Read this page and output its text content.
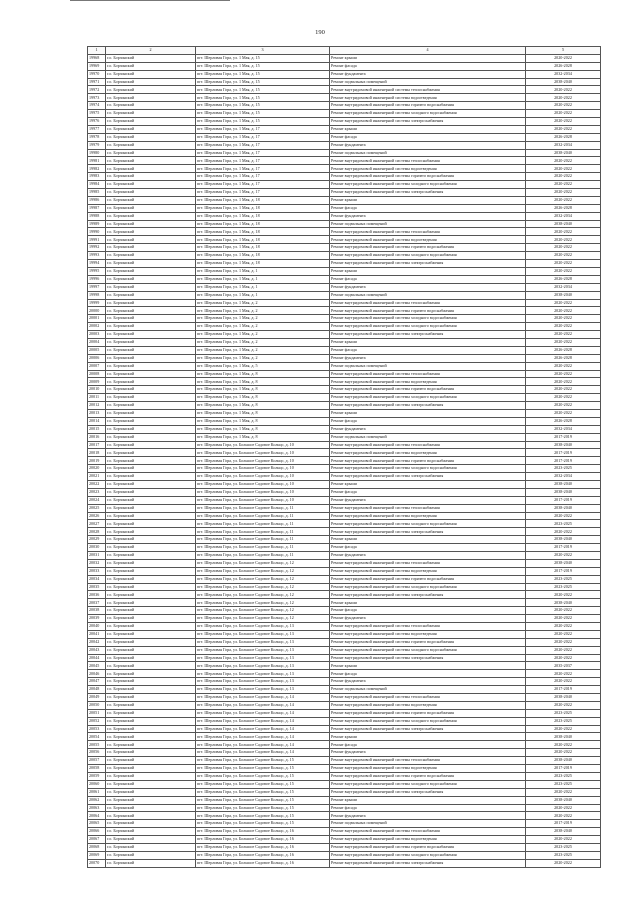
190
1	2	3	4	5
19968	г.о. Борзинский	пгт. Шерловая Гора, ул. 1 Мая, д. 15	Ремонт крыши	2020-2022
19969	г.о. Борзинский	пгт. Шерловая Гора, ул. 1 Мая, д. 15	Ремонт фасада	2026-2028
19970	г.о. Борзинский	пгт. Шерловая Гора, ул. 1 Мая, д. 15	Ремонт фундамента	2032-2034
19971	г.о. Борзинский	пгт. Шерловая Гора, ул. 1 Мая, д. 15	Ремонт подвальных помещений	2038-2040
19972	г.о. Борзинский	пгт. Шерловая Гора, ул. 1 Мая, д. 15	Ремонт внутридомовой инженерной системы теплоснабжения	2020-2022
19973	г.о. Борзинский	пгт. Шерловая Гора, ул. 1 Мая, д. 15	Ремонт внутридомовой инженерной системы водоотведения	2020-2022
19974	г.о. Борзинский	пгт. Шерловая Гора, ул. 1 Мая, д. 15	Ремонт внутридомовой инженерной системы горячего водоснабжения	2020-2022
19975	г.о. Борзинский	пгт. Шерловая Гора, ул. 1 Мая, д. 15	Ремонт внутридомовой инженерной системы холодного водоснабжения	2020-2022
19976	г.о. Борзинский	пгт. Шерловая Гора, ул. 1 Мая, д. 15	Ремонт внутридомовой инженерной системы электроснабжения	2020-2022
19977	г.о. Борзинский	пгт. Шерловая Гора, ул. 1 Мая, д. 17	Ремонт крыши	2020-2022
19978	г.о. Борзинский	пгт. Шерловая Гора, ул. 1 Мая, д. 17	Ремонт фасада	2026-2028
19979	г.о. Борзинский	пгт. Шерловая Гора, ул. 1 Мая, д. 17	Ремонт фундамента	2032-2034
19980	г.о. Борзинский	пгт. Шерловая Гора, ул. 1 Мая, д. 17	Ремонт подвальных помещений	2038-2040
19981	г.о. Борзинский	пгт. Шерловая Гора, ул. 1 Мая, д. 17	Ремонт внутридомовой инженерной системы теплоснабжения	2020-2022
19982	г.о. Борзинский	пгт. Шерловая Гора, ул. 1 Мая, д. 17	Ремонт внутридомовой инженерной системы водоотведения	2020-2022
19983	г.о. Борзинский	пгт. Шерловая Гора, ул. 1 Мая, д. 17	Ремонт внутридомовой инженерной системы горячего водоснабжения	2020-2022
19984	г.о. Борзинский	пгт. Шерловая Гора, ул. 1 Мая, д. 17	Ремонт внутридомовой инженерной системы холодного водоснабжения	2020-2022
19985	г.о. Борзинский	пгт. Шерловая Гора, ул. 1 Мая, д. 17	Ремонт внутридомовой инженерной системы электроснабжения	2020-2022
19986	г.о. Борзинский	пгт. Шерловая Гора, ул. 1 Мая, д. 18	Ремонт крыши	2020-2022
19987	г.о. Борзинский	пгт. Шерловая Гора, ул. 1 Мая, д. 18	Ремонт фасада	2026-2028
19988	г.о. Борзинский	пгт. Шерловая Гора, ул. 1 Мая, д. 18	Ремонт фундамента	2032-2034
19989	г.о. Борзинский	пгт. Шерловая Гора, ул. 1 Мая, д. 18	Ремонт подвальных помещений	2038-2040
19990	г.о. Борзинский	пгт. Шерловая Гора, ул. 1 Мая, д. 18	Ремонт внутридомовой инженерной системы теплоснабжения	2020-2022
19991	г.о. Борзинский	пгт. Шерловая Гора, ул. 1 Мая, д. 18	Ремонт внутридомовой инженерной системы водоотведения	2020-2022
19992	г.о. Борзинский	пгт. Шерловая Гора, ул. 1 Мая, д. 18	Ремонт внутридомовой инженерной системы горячего водоснабжения	2020-2022
19993	г.о. Борзинский	пгт. Шерловая Гора, ул. 1 Мая, д. 18	Ремонт внутридомовой инженерной системы холодного водоснабжения	2020-2022
19994	г.о. Борзинский	пгт. Шерловая Гора, ул. 1 Мая, д. 18	Ремонт внутридомовой инженерной системы электроснабжения	2020-2022
19995	г.о. Борзинский	пгт. Шерловая Гора, ул. 1 Мая, д. 1	Ремонт крыши	2020-2022
19996	г.о. Борзинский	пгт. Шерловая Гора, ул. 1 Мая, д. 1	Ремонт фасада	2026-2028
19997	г.о. Борзинский	пгт. Шерловая Гора, ул. 1 Мая, д. 1	Ремонт фундамента	2032-2034
19998	г.о. Борзинский	пгт. Шерловая Гора, ул. 1 Мая, д. 1	Ремонт подвальных помещений	2038-2040
19999	г.о. Борзинский	пгт. Шерловая Гора, ул. 1 Мая, д. 2	Ремонт внутридомовой инженерной системы теплоснабжения	2020-2022
20000	г.о. Борзинский	пгт. Шерловая Гора, ул. 1 Мая, д. 2	Ремонт внутридомовой инженерной системы горячего водоснабжения	2020-2022
20001	г.о. Борзинский	пгт. Шерловая Гора, ул. 1 Мая, д. 2	Ремонт внутридомовой инженерной системы холодного водоснабжения	2020-2022
20002	г.о. Борзинский	пгт. Шерловая Гора, ул. 1 Мая, д. 2	Ремонт внутридомовой инженерной системы холодного водоснабжения	2020-2022
20003	г.о. Борзинский	пгт. Шерловая Гора, ул. 1 Мая, д. 2	Ремонт внутридомовой инженерной системы электроснабжения	2020-2022
20004	г.о. Борзинский	пгт. Шерловая Гора, ул. 1 Мая, д. 2	Ремонт крыши	2020-2022
20005	г.о. Борзинский	пгт. Шерловая Гора, ул. 1 Мая, д. 2	Ремонт фасада	2026-2028
20006	г.о. Борзинский	пгт. Шерловая Гора, ул. 1 Мая, д. 2	Ремонт фундамента	2026-2028
20007	г.о. Борзинский	пгт. Шерловая Гора, ул. 1 Мая, д. 5	Ремонт подвальных помещений	2020-2022
20008	г.о. Борзинский	пгт. Шерловая Гора, ул. 1 Мая, д. 8	Ремонт внутридомовой инженерной системы теплоснабжения	2020-2022
20009	г.о. Борзинский	пгт. Шерловая Гора, ул. 1 Мая, д. 8	Ремонт внутридомовой инженерной системы водоотведения	2020-2022
20010	г.о. Борзинский	пгт. Шерловая Гора, ул. 1 Мая, д. 8	Ремонт внутридомовой инженерной системы горячего водоснабжения	2020-2022
20011	г.о. Борзинский	пгт. Шерловая Гора, ул. 1 Мая, д. 8	Ремонт внутридомовой инженерной системы холодного водоснабжения	2020-2022
20012	г.о. Борзинский	пгт. Шерловая Гора, ул. 1 Мая, д. 8	Ремонт внутридомовой инженерной системы электроснабжения	2020-2022
20013	г.о. Борзинский	пгт. Шерловая Гора, ул. 1 Мая, д. 8	Ремонт крыши	2020-2022
20014	г.о. Борзинский	пгт. Шерловая Гора, ул. 1 Мая, д. 8	Ремонт фасада	2026-2028
20015	г.о. Борзинский	пгт. Шерловая Гора, ул. 1 Мая, д. 8	Ремонт фундамента	2032-2034
20016	г.о. Борзинский	пгт. Шерловая Гора, ул. 1 Мая, д. 8	Ремонт подвальных помещений	2017-2019
20017	г.о. Борзинский	пгт. Шерловая Гора, ул. Большое Садовое Кольцо, д. 10	Ремонт внутридомовой инженерной системы теплоснабжения	2038-2040
20018	г.о. Борзинский	пгт. Шерловая Гора, ул. Большое Садовое Кольцо, д. 10	Ремонт внутридомовой инженерной системы водоотведения	2017-2019
20019	г.о. Борзинский	пгт. Шерловая Гора, ул. Большое Садовое Кольцо, д. 10	Ремонт внутридомовой инженерной системы горячего водоснабжения	2017-2019
20020	г.о. Борзинский	пгт. Шерловая Гора, ул. Большое Садовое Кольцо, д. 10	Ремонт внутридомовой инженерной системы холодного водоснабжения	2023-2025
20021	г.о. Борзинский	пгт. Шерловая Гора, ул. Большое Садовое Кольцо, д. 10	Ремонт внутридомовой инженерной системы электроснабжения	2032-2034
20022	г.о. Борзинский	пгт. Шерловая Гора, ул. Большое Садовое Кольцо, д. 10	Ремонт крыши	2038-2040
20023	г.о. Борзинский	пгт. Шерловая Гора, ул. Большое Садовое Кольцо, д. 10	Ремонт фасада	2038-2040
20024	г.о. Борзинский	пгт. Шерловая Гора, ул. Большое Садовое Кольцо, д. 10	Ремонт фундамента	2017-2019
20025	г.о. Борзинский	пгт. Шерловая Гора, ул. Большое Садовое Кольцо, д. 11	Ремонт внутридомовой инженерной системы теплоснабжения	2038-2040
20026	г.о. Борзинский	пгт. Шерловая Гора, ул. Большое Садовое Кольцо, д. 11	Ремонт внутридомовой инженерной системы водоотведения	2020-2022
20027	г.о. Борзинский	пгт. Шерловая Гора, ул. Большое Садовое Кольцо, д. 11	Ремонт внутридомовой инженерной системы холодного водоснабжения	2023-2025
20028	г.о. Борзинский	пгт. Шерловая Гора, ул. Большое Садовое Кольцо, д. 11	Ремонт внутридомовой инженерной системы электроснабжения	2020-2022
20029	г.о. Борзинский	пгт. Шерловая Гора, ул. Большое Садовое Кольцо, д. 11	Ремонт крыши	2038-2040
20030	г.о. Борзинский	пгт. Шерловая Гора, ул. Большое Садовое Кольцо, д. 11	Ремонт фасада	2017-2019
20031	г.о. Борзинский	пгт. Шерловая Гора, ул. Большое Садовое Кольцо, д. 11	Ремонт фундамента	2020-2022
20032	г.о. Борзинский	пгт. Шерловая Гора, ул. Большое Садовое Кольцо, д. 12	Ремонт внутридомовой инженерной системы теплоснабжения	2038-2040
20033	г.о. Борзинский	пгт. Шерловая Гора, ул. Большое Садовое Кольцо, д. 12	Ремонт внутридомовой инженерной системы водоотведения	2017-2019
20034	г.о. Борзинский	пгт. Шерловая Гора, ул. Большое Садовое Кольцо, д. 12	Ремонт внутридомовой инженерной системы горячего водоснабжения	2023-2025
20035	г.о. Борзинский	пгт. Шерловая Гора, ул. Большое Садовое Кольцо, д. 12	Ремонт внутридомовой инженерной системы холодного водоснабжения	2023-2025
20036	г.о. Борзинский	пгт. Шерловая Гора, ул. Большое Садовое Кольцо, д. 12	Ремонт внутридомовой инженерной системы электроснабжения	2020-2022
20037	г.о. Борзинский	пгт. Шерловая Гора, ул. Большое Садовое Кольцо, д. 12	Ремонт крыши	2038-2040
20038	г.о. Борзинский	пгт. Шерловая Гора, ул. Большое Садовое Кольцо, д. 12	Ремонт фасада	2020-2022
20039	г.о. Борзинский	пгт. Шерловая Гора, ул. Большое Садовое Кольцо, д. 12	Ремонт фундамента	2020-2022
20040	г.о. Борзинский	пгт. Шерловая Гора, ул. Большое Садовое Кольцо, д. 13	Ремонт внутридомовой инженерной системы теплоснабжения	2020-2022
20041	г.о. Борзинский	пгт. Шерловая Гора, ул. Большое Садовое Кольцо, д. 13	Ремонт внутридомовой инженерной системы водоотведения	2020-2022
20042	г.о. Борзинский	пгт. Шерловая Гора, ул. Большое Садовое Кольцо, д. 13	Ремонт внутридомовой инженерной системы горячего водоснабжения	2020-2022
20043	г.о. Борзинский	пгт. Шерловая Гора, ул. Большое Садовое Кольцо, д. 13	Ремонт внутридомовой инженерной системы холодного водоснабжения	2020-2022
20044	г.о. Борзинский	пгт. Шерловая Гора, ул. Большое Садовое Кольцо, д. 13	Ремонт внутридомовой инженерной системы электроснабжения	2020-2022
20045	г.о. Борзинский	пгт. Шерловая Гора, ул. Большое Садовое Кольцо, д. 13	Ремонт крыши	2035-2037
20046	г.о. Борзинский	пгт. Шерловая Гора, ул. Большое Садовое Кольцо, д. 13	Ремонт фасада	2020-2022
20047	г.о. Борзинский	пгт. Шерловая Гора, ул. Большое Садовое Кольцо, д. 13	Ремонт фундамента	2020-2022
20048	г.о. Борзинский	пгт. Шерловая Гора, ул. Большое Садовое Кольцо, д. 13	Ремонт подвальных помещений	2017-2019
20049	г.о. Борзинский	пгт. Шерловая Гора, ул. Большое Садовое Кольцо, д. 14	Ремонт внутридомовой инженерной системы теплоснабжения	2038-2040
20050	г.о. Борзинский	пгт. Шерловая Гора, ул. Большое Садовое Кольцо, д. 14	Ремонт внутридомовой инженерной системы водоотведения	2020-2022
20051	г.о. Борзинский	пгт. Шерловая Гора, ул. Большое Садовое Кольцо, д. 14	Ремонт внутридомовой инженерной системы горячего водоснабжения	2023-2025
20052	г.о. Борзинский	пгт. Шерловая Гора, ул. Большое Садовое Кольцо, д. 14	Ремонт внутридомовой инженерной системы холодного водоснабжения	2023-2025
20053	г.о. Борзинский	пгт. Шерловая Гора, ул. Большое Садовое Кольцо, д. 14	Ремонт внутридомовой инженерной системы электроснабжения	2020-2022
20054	г.о. Борзинский	пгт. Шерловая Гора, ул. Большое Садовое Кольцо, д. 14	Ремонт крыши	2038-2040
20055	г.о. Борзинский	пгт. Шерловая Гора, ул. Большое Садовое Кольцо, д. 14	Ремонт фасада	2020-2022
20056	г.о. Борзинский	пгт. Шерловая Гора, ул. Большое Садовое Кольцо, д. 14	Ремонт фундамента	2020-2022
20057	г.о. Борзинский	пгт. Шерловая Гора, ул. Большое Садовое Кольцо, д. 15	Ремонт внутридомовой инженерной системы теплоснабжения	2038-2040
20058	г.о. Борзинский	пгт. Шерловая Гора, ул. Большое Садовое Кольцо, д. 15	Ремонт внутридомовой инженерной системы водоотведения	2017-2019
20059	г.о. Борзинский	пгт. Шерловая Гора, ул. Большое Садовое Кольцо, д. 15	Ремонт внутридомовой инженерной системы горячего водоснабжения	2023-2025
20060	г.о. Борзинский	пгт. Шерловая Гора, ул. Большое Садовое Кольцо, д. 15	Ремонт внутридомовой инженерной системы холодного водоснабжения	2023-2025
20061	г.о. Борзинский	пгт. Шерловая Гора, ул. Большое Садовое Кольцо, д. 15	Ремонт внутридомовой инженерной системы электроснабжения	2020-2022
20062	г.о. Борзинский	пгт. Шерловая Гора, ул. Большое Садовое Кольцо, д. 15	Ремонт крыши	2038-2040
20063	г.о. Борзинский	пгт. Шерловая Гора, ул. Большое Садовое Кольцо, д. 15	Ремонт фасада	2020-2022
20064	г.о. Борзинский	пгт. Шерловая Гора, ул. Большое Садовое Кольцо, д. 15	Ремонт фундамента	2020-2022
20065	г.о. Борзинский	пгт. Шерловая Гора, ул. Большое Садовое Кольцо, д. 15	Ремонт подвальных помещений	2017-2019
20066	г.о. Борзинский	пгт. Шерловая Гора, ул. Большое Садовое Кольцо, д. 16	Ремонт внутридомовой инженерной системы теплоснабжения	2038-2040
20067	г.о. Борзинский	пгт. Шерловая Гора, ул. Большое Садовое Кольцо, д. 16	Ремонт внутридомовой инженерной системы водоотведения	2020-2022
20068	г.о. Борзинский	пгт. Шерловая Гора, ул. Большое Садовое Кольцо, д. 16	Ремонт внутридомовой инженерной системы горячего водоснабжения	2023-2025
20069	г.о. Борзинский	пгт. Шерловая Гора, ул. Большое Садовое Кольцо, д. 16	Ремонт внутридомовой инженерной системы холодного водоснабжения	2023-2025
20070	г.о. Борзинский	пгт. Шерловая Гора, ул. Большое Садовое Кольцо, д. 16	Ремонт внутридомовой инженерной системы электроснабжения	2020-2022
